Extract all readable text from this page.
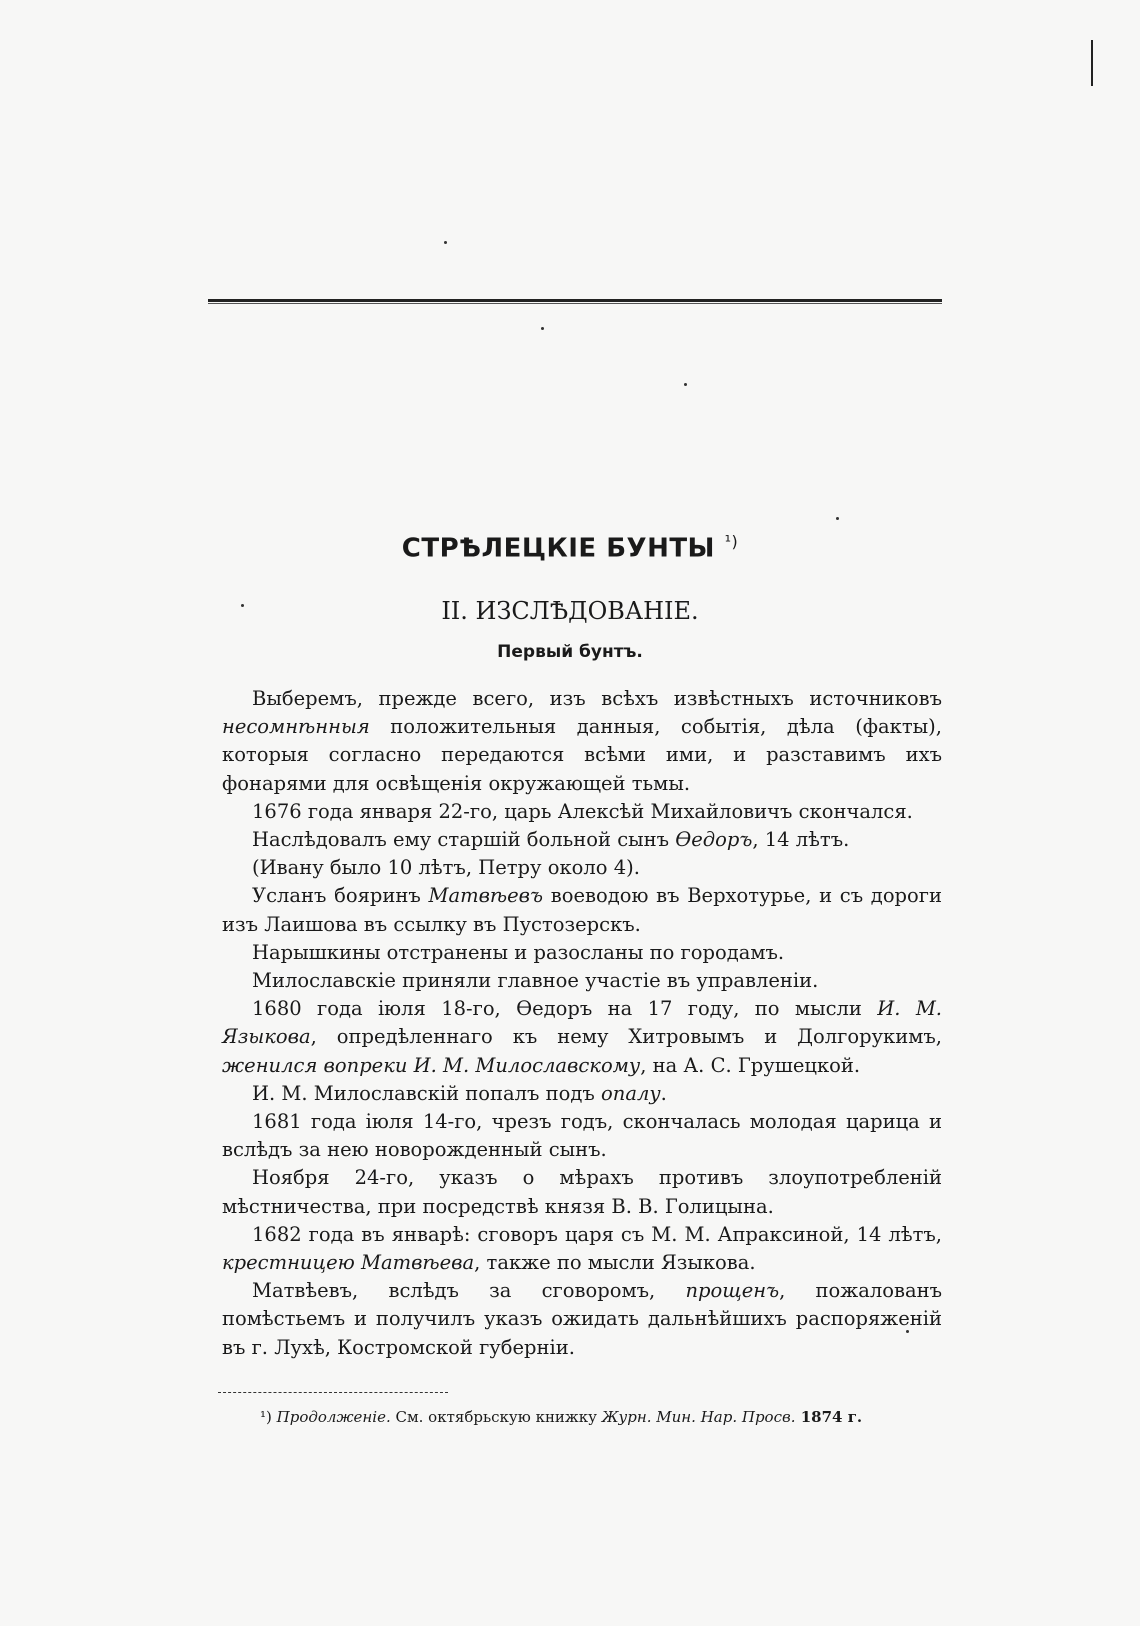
СТРѢЛЕЦКІЕ БУНТЫ $^{^1)}$
II. ИЗСЛѢДОВАНІЕ.
Первый бунтъ.

Выберемъ, прежде всего, изъ всѣхъ извѣстныхъ источниковъ несомнѣнныя положительныя данныя, событія, дѣла (факты), которыя согласно передаются всѣми ими, и разставимъ ихъ фонарями для освѣщенія окружающей тьмы.

1676 года января 22-го, царь Алексѣй Михайловичъ скончался.

Наслѣдовалъ ему старшій больной сынъ Ѳедоръ, 14 лѣтъ.

(Ивану было 10 лѣтъ, Петру около 4).

Усланъ бояринъ Матвѣевъ воеводою въ Верхотурье, и съ дороги изъ Лаишова въ ссылку въ Пустозерскъ.

Нарышкины отстранены и разосланы по городамъ.

Милославскіе приняли главное участіе въ управленіи.

1680 года іюля 18-го, Ѳедоръ на 17 году, по мысли И. М. Языкова, опредѣленнаго къ нему Хитровымъ и Долгорукимъ, женился вопреки И. М. Милославскому, на А. С. Грушецкой.

И. М. Милославскій попалъ подъ опалу.

1681 года іюля 14-го, чрезъ годъ, скончалась молодая царица и вслѣдъ за нею новорожденный сынъ.

Ноября 24-го, указъ о мѣрахъ противъ злоупотребленій мѣстничества, при посредствѣ князя В. В. Голицына.

1682 года въ январѣ: сговоръ царя съ М. М. Апраксиной, 14 лѣтъ, крестницею Матвѣева, также по мысли Языкова.

Матвѣевъ, вслѣдъ за сговоромъ, прощенъ, пожалованъ помѣстьемъ и получилъ указъ ожидать дальнѣйшихъ распоряженій въ г. Лухѣ, Костромской губерніи.

¹) Продолженіе. См. октябрьскую книжку Журн. Мин. Нар. Просв. 1874 г.
